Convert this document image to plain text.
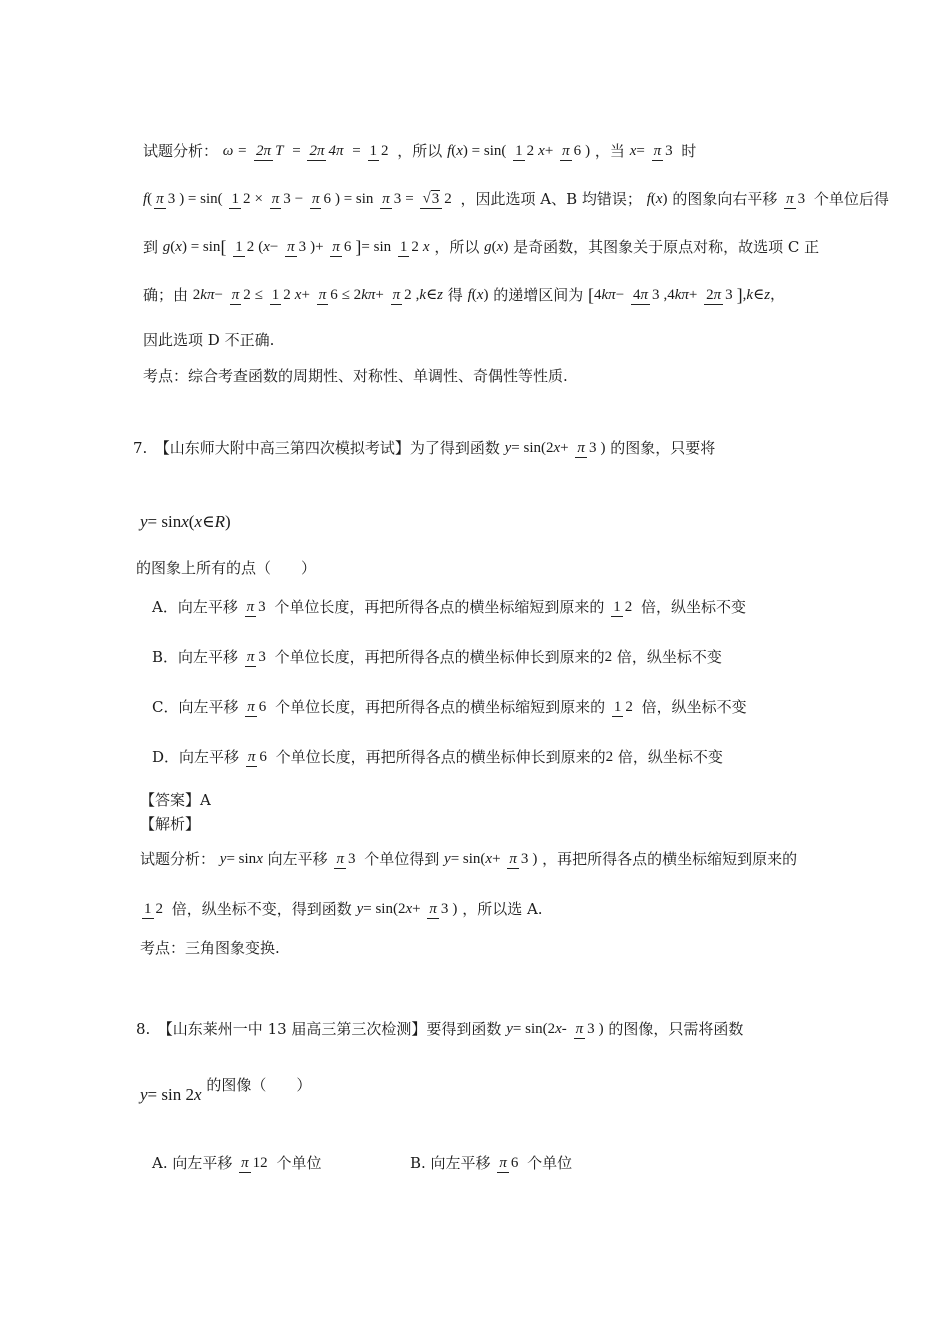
试题分析： ω = 2π T = 2π 4π = 1 2 ，所以 f(x) = sin( 1 2 x+ π 6 ) ，当 x= π 3 时
f( π 3 ) = sin( 1 2 × π 3 − π 6 ) = sin π 3 = √3 2 ，因此选项 A、B 均错误； f(x) 的图象向右平移 π 3 个单位后得
到 g(x) = sin[ 1 2 (x− π 3 )+ π 6 ]= sin 1 2 x ，所以 g(x) 是奇函数，其图象关于原点对称，故选项 C 正
确；由 2kπ− π 2 ≤ 1 2 x+ π 6 ≤ 2kπ+ π 2 ,k∈z 得 f(x) 的递增区间为 [4kπ− 4π 3 ,4kπ+ 2π 3 ],k∈z，
因此选项 D 不正确.
考点：综合考查函数的周期性、对称性、单调性、奇偶性等性质.
7.　【山东师大附中高三第四次模拟考试】为了得到函数 y= sin(2x+ π 3 ) 的图象，只要将
y= sinx(x∈R)
的图象上所有的点（　　）
A．向左平移 π 3 个单位长度，再把所得各点的横坐标缩短到原来的 1 2 倍，纵坐标不变
B．向左平移 π 3 个单位长度，再把所得各点的横坐标伸长到原来的2 倍，纵坐标不变
C．向左平移 π 6 个单位长度，再把所得各点的横坐标缩短到原来的 1 2 倍，纵坐标不变
D．向左平移 π 6 个单位长度，再把所得各点的横坐标伸长到原来的2 倍，纵坐标不变
【答案】A
【解析】
试题分析： y= sinx 向左平移 π 3 个单位得到 y= sin(x+ π 3 ) ，再把所得各点的横坐标缩短到原来的
1 2 倍，纵坐标不变，得到函数 y= sin(2x+ π 3 ) ，所以选 A.
考点：三角图象变换.
8.　【山东莱州一中 13 届高三第三次检测】要得到函数 y= sin(2x- π 3 ) 的图像，只需将函数
y= sin 2x 的图像（　　）
A. 向左平移 π 12 个单位	B. 向左平移 π 6 个单位
